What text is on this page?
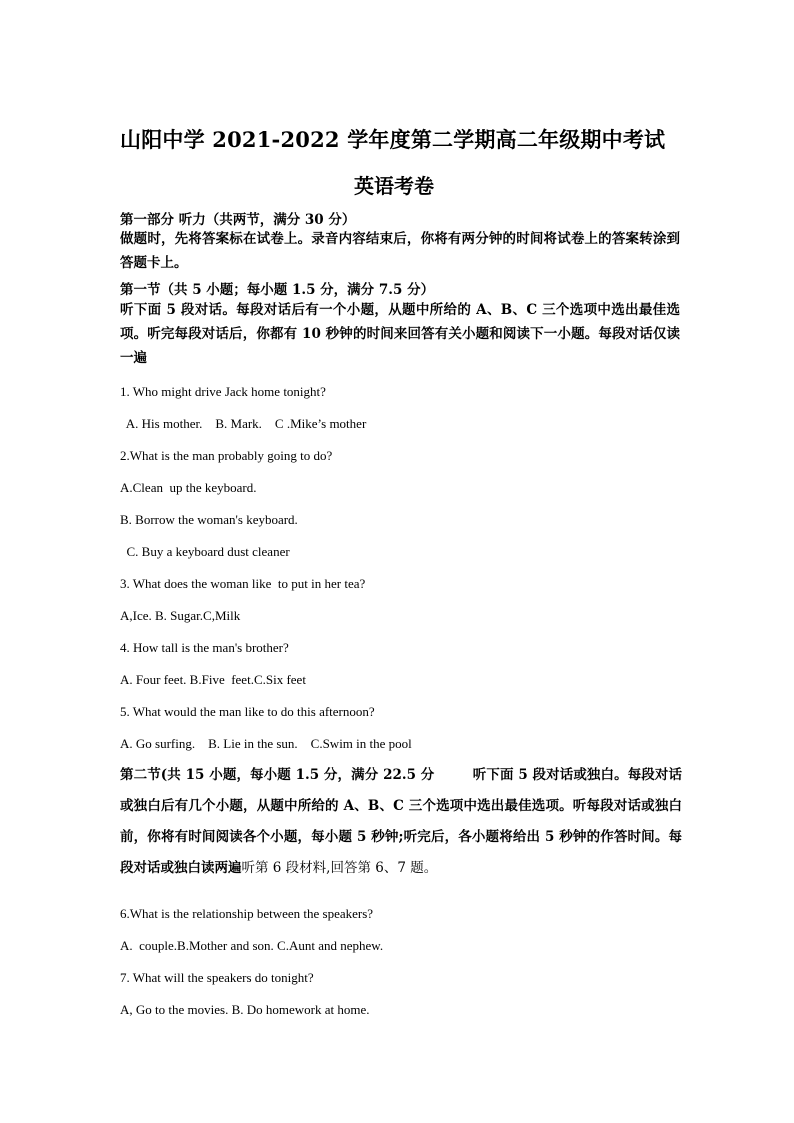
山阳中学 2021-2022 学年度第二学期高二年级期中考试
英语考卷
第一部分 听力（共两节，满分 30 分）
做题时，先将答案标在试卷上。录音内容结束后，你将有两分钟的时间将试卷上的答案转涂到答题卡上。
第一节（共 5 小题；每小题 1.5 分，满分 7.5 分）
听下面 5 段对话。每段对话后有一个小题，从题中所给的 A、B、C 三个选项中选出最佳选项。听完每段对话后，你都有 10 秒钟的时间来回答有关小题和阅读下一小题。每段对话仅读一遍
1. Who might drive Jack home tonight?
A. His mother.    B. Mark.    C .Mike’s mother
2.What is the man probably going to do?
A.Clean  up the keyboard.
B. Borrow the woman's keyboard.
C. Buy a keyboard dust cleaner
3. What does the woman like  to put in her tea?
A,Ice. B. Sugar.C,Milk
4. How tall is the man's brother?
A. Four feet. B.Five  feet.C.Six feet
5. What would the man like to do this afternoon?
A. Go surfing.    B. Lie in the sun.    C.Swim in the pool
第二节(共 15 小题，每小题 1.5 分，满分 22.5 分        听下面 5 段对话或独白。每段对话或独白后有几个小题，从题中所给的 A、B、C 三个选项中选出最佳选项。听每段对话或独白前，你将有时间阅读各个小题，每小题 5 秒钟;听完后，各小题将给出 5 秒钟的作答时间。每段对话或独白读两遍听第 6 段材料,回答第 6、7 题。
6.What is the relationship between the speakers?
A.  couple.B.Mother and son. C.Aunt and nephew.
7. What will the speakers do tonight?
A, Go to the movies. B. Do homework at home.
